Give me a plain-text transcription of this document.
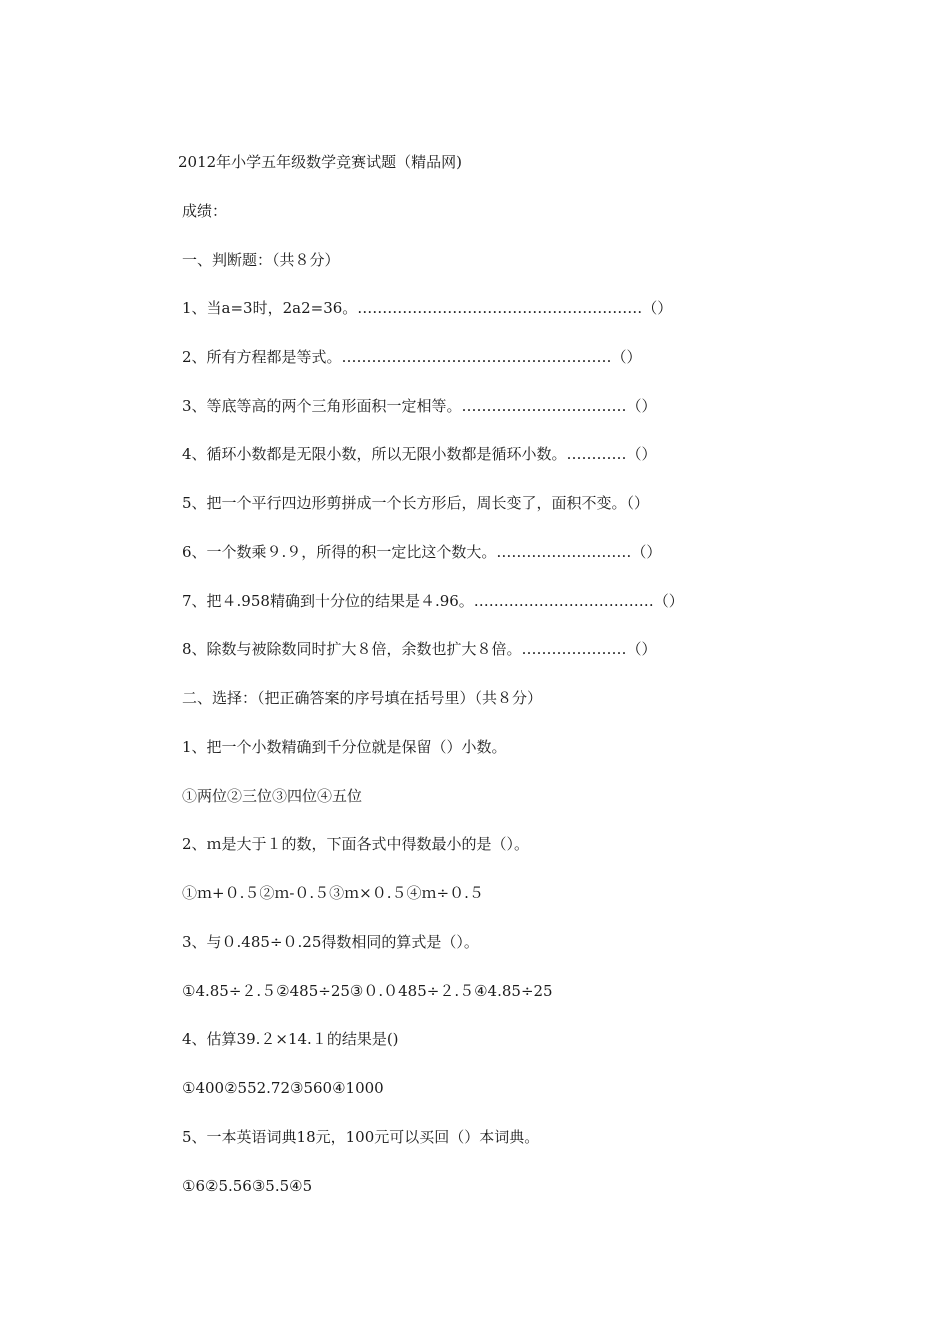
2012年小学五年级数学竞赛试题（精品网)
成绩：
一、判断题：（共８分）
1、当a=3时，2a2=36。…………………………………………………（）
2、所有方程都是等式。………………………………………………（）
3、等底等高的两个三角形面积一定相等。……………………………（）
4、循环小数都是无限小数，所以无限小数都是循环小数。…………（）
5、把一个平行四边形剪拼成一个长方形后，周长变了，面积不变。（）
6、一个数乘９.９，所得的积一定比这个数大。………………………（）
7、把４.958精确到十分位的结果是４.96。………………………………（）
8、除数与被除数同时扩大８倍，余数也扩大８倍。…………………（）
二、选择：（把正确答案的序号填在括号里）（共８分）
1、把一个小数精确到千分位就是保留（）小数。
①两位②三位③四位④五位
2、ｍ是大于１的数，下面各式中得数最小的是（）。
①ｍ+０.５②ｍ-０.５③ｍ×０.５④ｍ÷０.５
3、与０.485÷０.25得数相同的算式是（）。
①4.85÷２.５②485÷25③０.０485÷２.５④4.85÷25
4、估算39.２×14.１的结果是()
①400②552.72③560④1000
5、一本英语词典18元，100元可以买回（）本词典。
①6②5.56③5.5④5
